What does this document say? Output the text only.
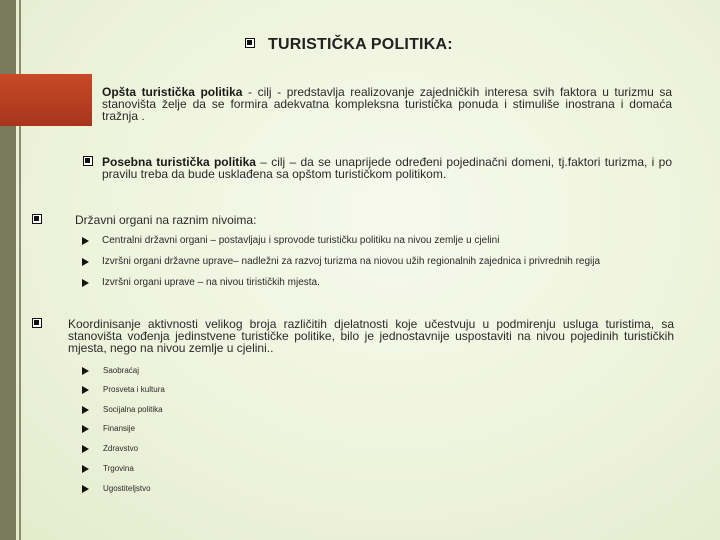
TURISTIČKA POLITIKA:
Opšta turistička politika - cilj - predstavlja realizovanje zajedničkih interesa svih faktora u turizmu sa stanovišta želje da se formira adekvatna kompleksna turistička ponuda i stimuliše inostrana i domaća tražnja .
Posebna turistička politika – cilj – da se unaprijede određeni pojedinačni domeni, tj.faktori turizma, i po pravilu treba da bude usklađena sa opštom turističkom politikom.
Državni organi na raznim nivoima:
Centralni državni organi – postavljaju i sprovode turističku politiku na nivou zemlje u cjelini
Izvršni organi državne uprave– nadležni za razvoj turizma na niovou užih regionalnih zajednica i privrednih regija
Izvršni organi uprave – na nivou tirističkih mjesta.
Koordinisanje aktivnosti velikog broja različitih djelatnosti koje učestvuju u podmirenju usluga turistima, sa stanovišta vođenja jedinstvene turističke politike, bilo je jednostavnije uspostaviti na nivou pojedinih turističkih mjesta, nego na nivou zemlje u cjelini..
Saobraćaj
Prosveta i kultura
Socijalna politika
Finansije
Zdravstvo
Trgovina
Ugostiteljstvo
